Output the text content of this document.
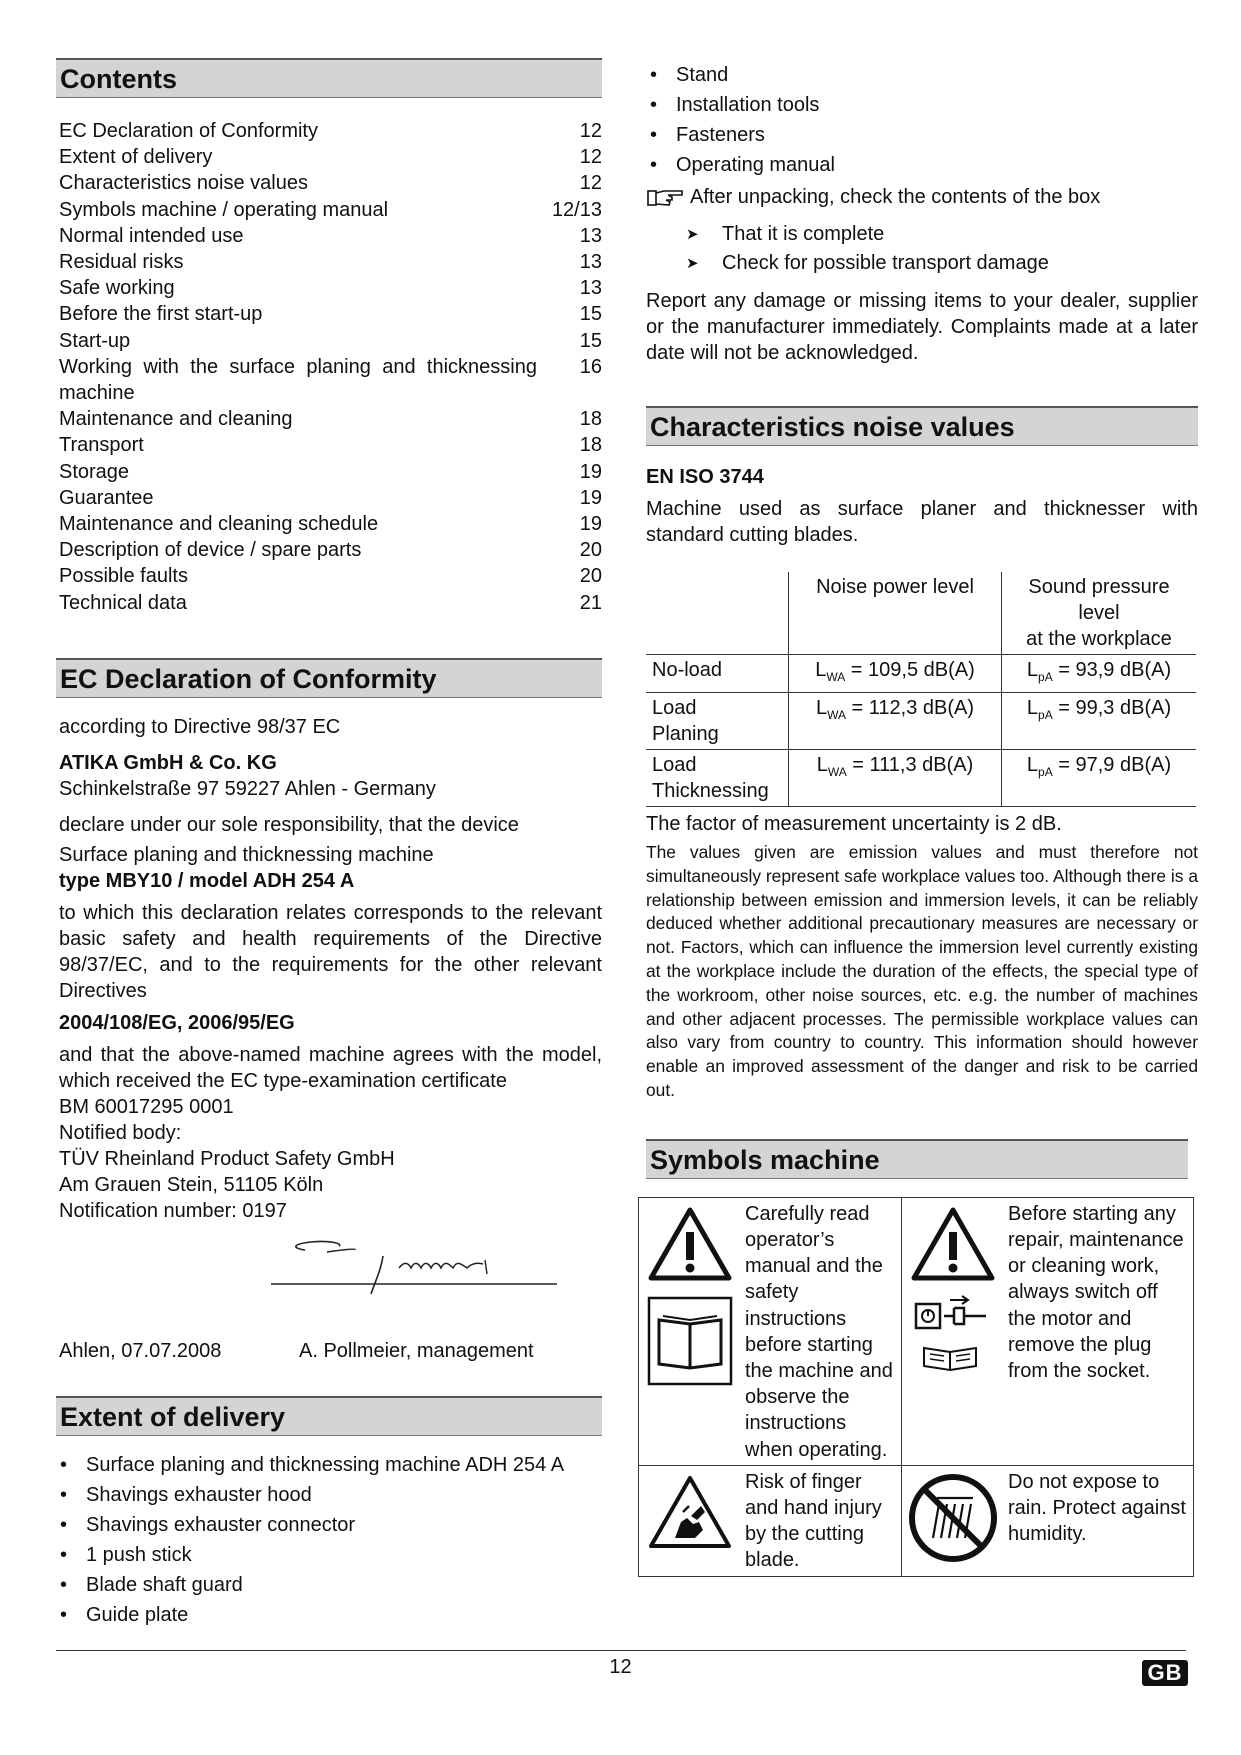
Contents
EC Declaration of Conformity	12
Extent of delivery	12
Characteristics noise values	12
Symbols machine / operating manual	12/13
Normal intended use	13
Residual risks	13
Safe working	13
Before the first start-up	15
Start-up	15
Working with the surface planing and thicknessing machine
16
Maintenance and cleaning	18
Transport	18
Storage	19
Guarantee	19
Maintenance and cleaning schedule	19
Description of device / spare parts	20
Possible faults	20
Technical data	21
EC Declaration of Conformity

according to Directive 98/37 EC

ATIKA GmbH & Co. KG

Schinkelstraße 97 59227 Ahlen - Germany

declare under our sole responsibility, that the device

Surface planing and thicknessing machine

type MBY10 / model ADH 254 A

to which this declaration relates corresponds to the relevant basic safety and health requirements of the Directive 98/37/EC, and to the requirements for the other relevant Directives

2004/108/EG, 2006/95/EG

and that the above-named machine agrees with the model, which received the EC type-examination certificate

BM 60017295 0001

Notified body:

TÜV Rheinland Product Safety GmbH

Am Grauen Stein, 51105 Köln

Notification number: 0197

Ahlen, 07.07.2008	A. Pollmeier, management
Extent of delivery
• Surface planing and thicknessing machine ADH 254 A
• Shavings exhauster hood
• Shavings exhauster connector
• 1 push stick
• Blade shaft guard
• Guide plate
• Stand
• Installation tools
• Fasteners
• Operating manual
After unpacking, check the contents of the box
➤ That it is complete
➤ Check for possible transport damage

Report any damage or missing items to your dealer, supplier or the manufacturer immediately. Complaints made at a later date will not be acknowledged.

Characteristics noise values

EN ISO 3744

Machine used as surface planer and thicknesser with standard cutting blades.

	Noise power level	Sound pressure level
at the workplace
No-load	$L_{WA} = 109,5$ dB(A)	$L_{pA} = 93,9$ dB(A)
Load
Planing	$L_{WA} = 112,3$ dB(A)	$L_{pA} = 99,3$ dB(A)
Load
Thicknessing	$L_{WA} = 111,3$ dB(A)	$L_{pA} = 97,9$ dB(A)

The factor of measurement uncertainty is 2 dB.

The values given are emission values and must therefore not simultaneously represent safe workplace values too. Although there is a relationship between emission and immersion levels, it can be reliably deduced whether additional precautionary measures are necessary or not. Factors, which can influence the immersion level currently existing at the workplace include the duration of the effects, the special type of the workroom, other noise sources, etc. e.g. the number of machines and other adjacent processes. The permissible workplace values can also vary from country to country. This information should however enable an improved assessment of the danger and risk to be carried out.

Symbols machine
	Carefully read operator’s manual and the safety instructions before starting the machine and observe the instructions when operating.		Before starting any repair, maintenance or cleaning work, always switch off the motor and remove the plug from the socket.
	Risk of finger and hand injury by the cutting blade.		Do not expose to rain. Protect against humidity.
12	GB
